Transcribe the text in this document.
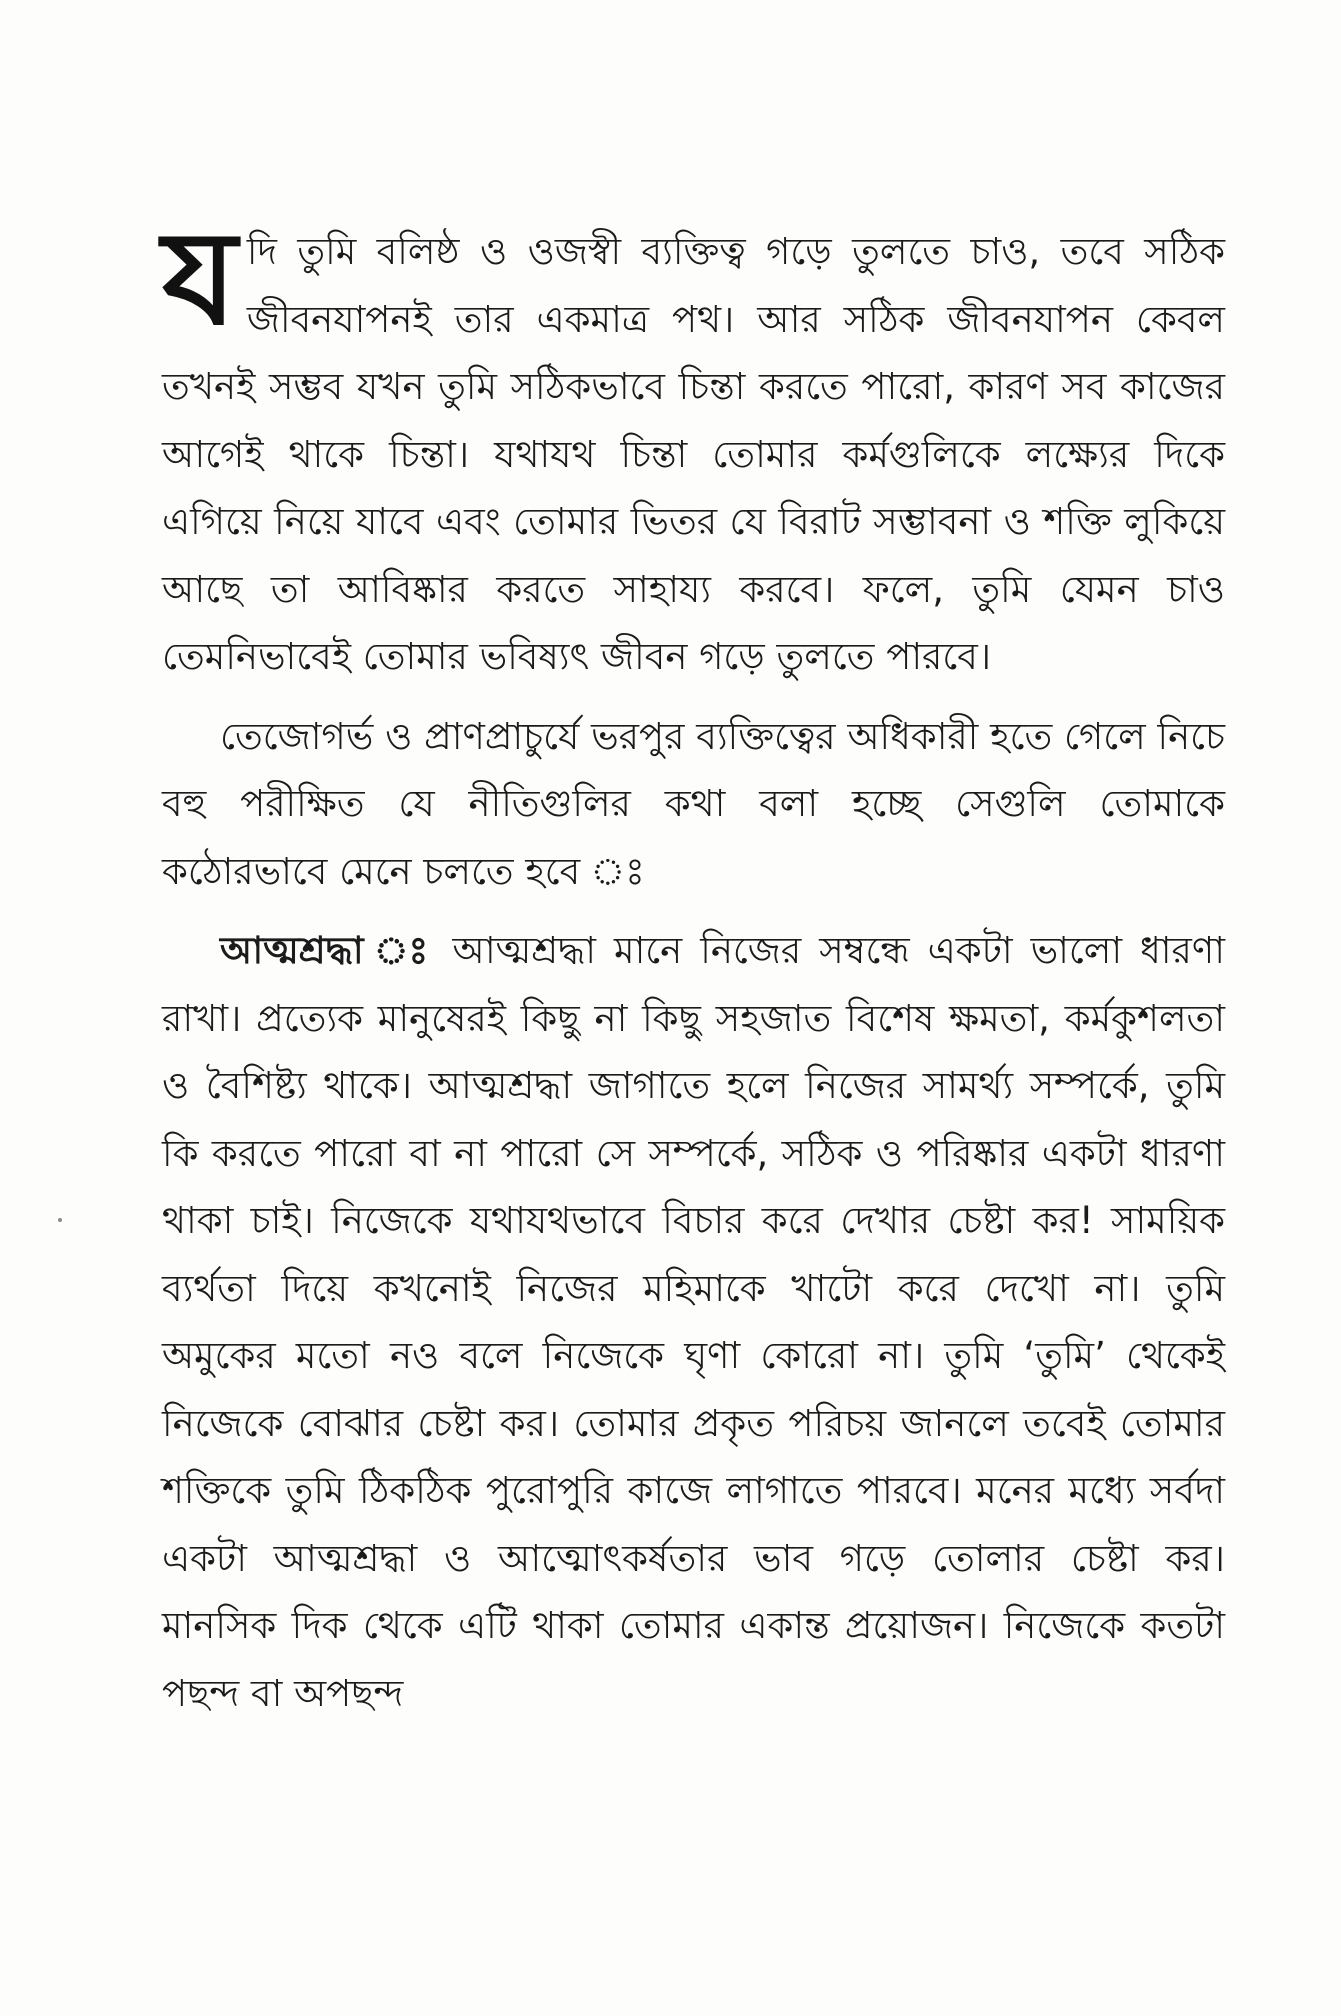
য দি তুমি বলিষ্ঠ ও ওজস্বী ব্যক্তিত্ব গড়ে তুলতে চাও, তবে সঠিক জীবনযাপনই তার একমাত্র পথ। আর সঠিক জীবনযাপন কেবল তখনই সম্ভব যখন তুমি সঠিকভাবে চিন্তা করতে পারো, কারণ সব কাজের আগেই থাকে চিন্তা। যথাযথ চিন্তা তোমার কর্মগুলিকে লক্ষ্যের দিকে এগিয়ে নিয়ে যাবে এবং তোমার ভিতর যে বিরাট সম্ভাবনা ও শক্তি লুকিয়ে আছে তা আবিষ্কার করতে সাহায্য করবে। ফলে, তুমি যেমন চাও তেমনিভাবেই তোমার ভবিষ্যৎ জীবন গড়ে তুলতে পারবে।

তেজোগর্ভ ও প্রাণপ্রাচুর্যে ভরপুর ব্যক্তিত্বের অধিকারী হতে গেলে নিচে বহু পরীক্ষিত যে নীতিগুলির কথা বলা হচ্ছে সেগুলি তোমাকে কঠোরভাবে মেনে চলতে হবে ঃ

আত্মশ্রদ্ধা ঃ আত্মশ্রদ্ধা মানে নিজের সম্বন্ধে একটা ভালো ধারণা রাখা। প্রত্যেক মানুষেরই কিছু না কিছু সহজাত বিশেষ ক্ষমতা, কর্মকুশলতা ও বৈশিষ্ট্য থাকে। আত্মশ্রদ্ধা জাগাতে হলে নিজের সামর্থ্য সম্পর্কে, তুমি কি করতে পারো বা না পারো সে সম্পর্কে, সঠিক ও পরিষ্কার একটা ধারণা থাকা চাই। নিজেকে যথাযথভাবে বিচার করে দেখার চেষ্টা কর! সাময়িক ব্যর্থতা দিয়ে কখনোই নিজের মহিমাকে খাটো করে দেখো না। তুমি অমুকের মতো নও বলে নিজেকে ঘৃণা কোরো না। তুমি ‘তুমি’ থেকেই নিজেকে বোঝার চেষ্টা কর। তোমার প্রকৃত পরিচয় জানলে তবেই তোমার শক্তিকে তুমি ঠিকঠিক পুরোপুরি কাজে লাগাতে পারবে। মনের মধ্যে সর্বদা একটা আত্মশ্রদ্ধা ও আত্মোৎকর্ষতার ভাব গড়ে তোলার চেষ্টা কর। মানসিক দিক থেকে এটি থাকা তোমার একান্ত প্রয়োজন। নিজেকে কতটা পছন্দ বা অপছন্দ
